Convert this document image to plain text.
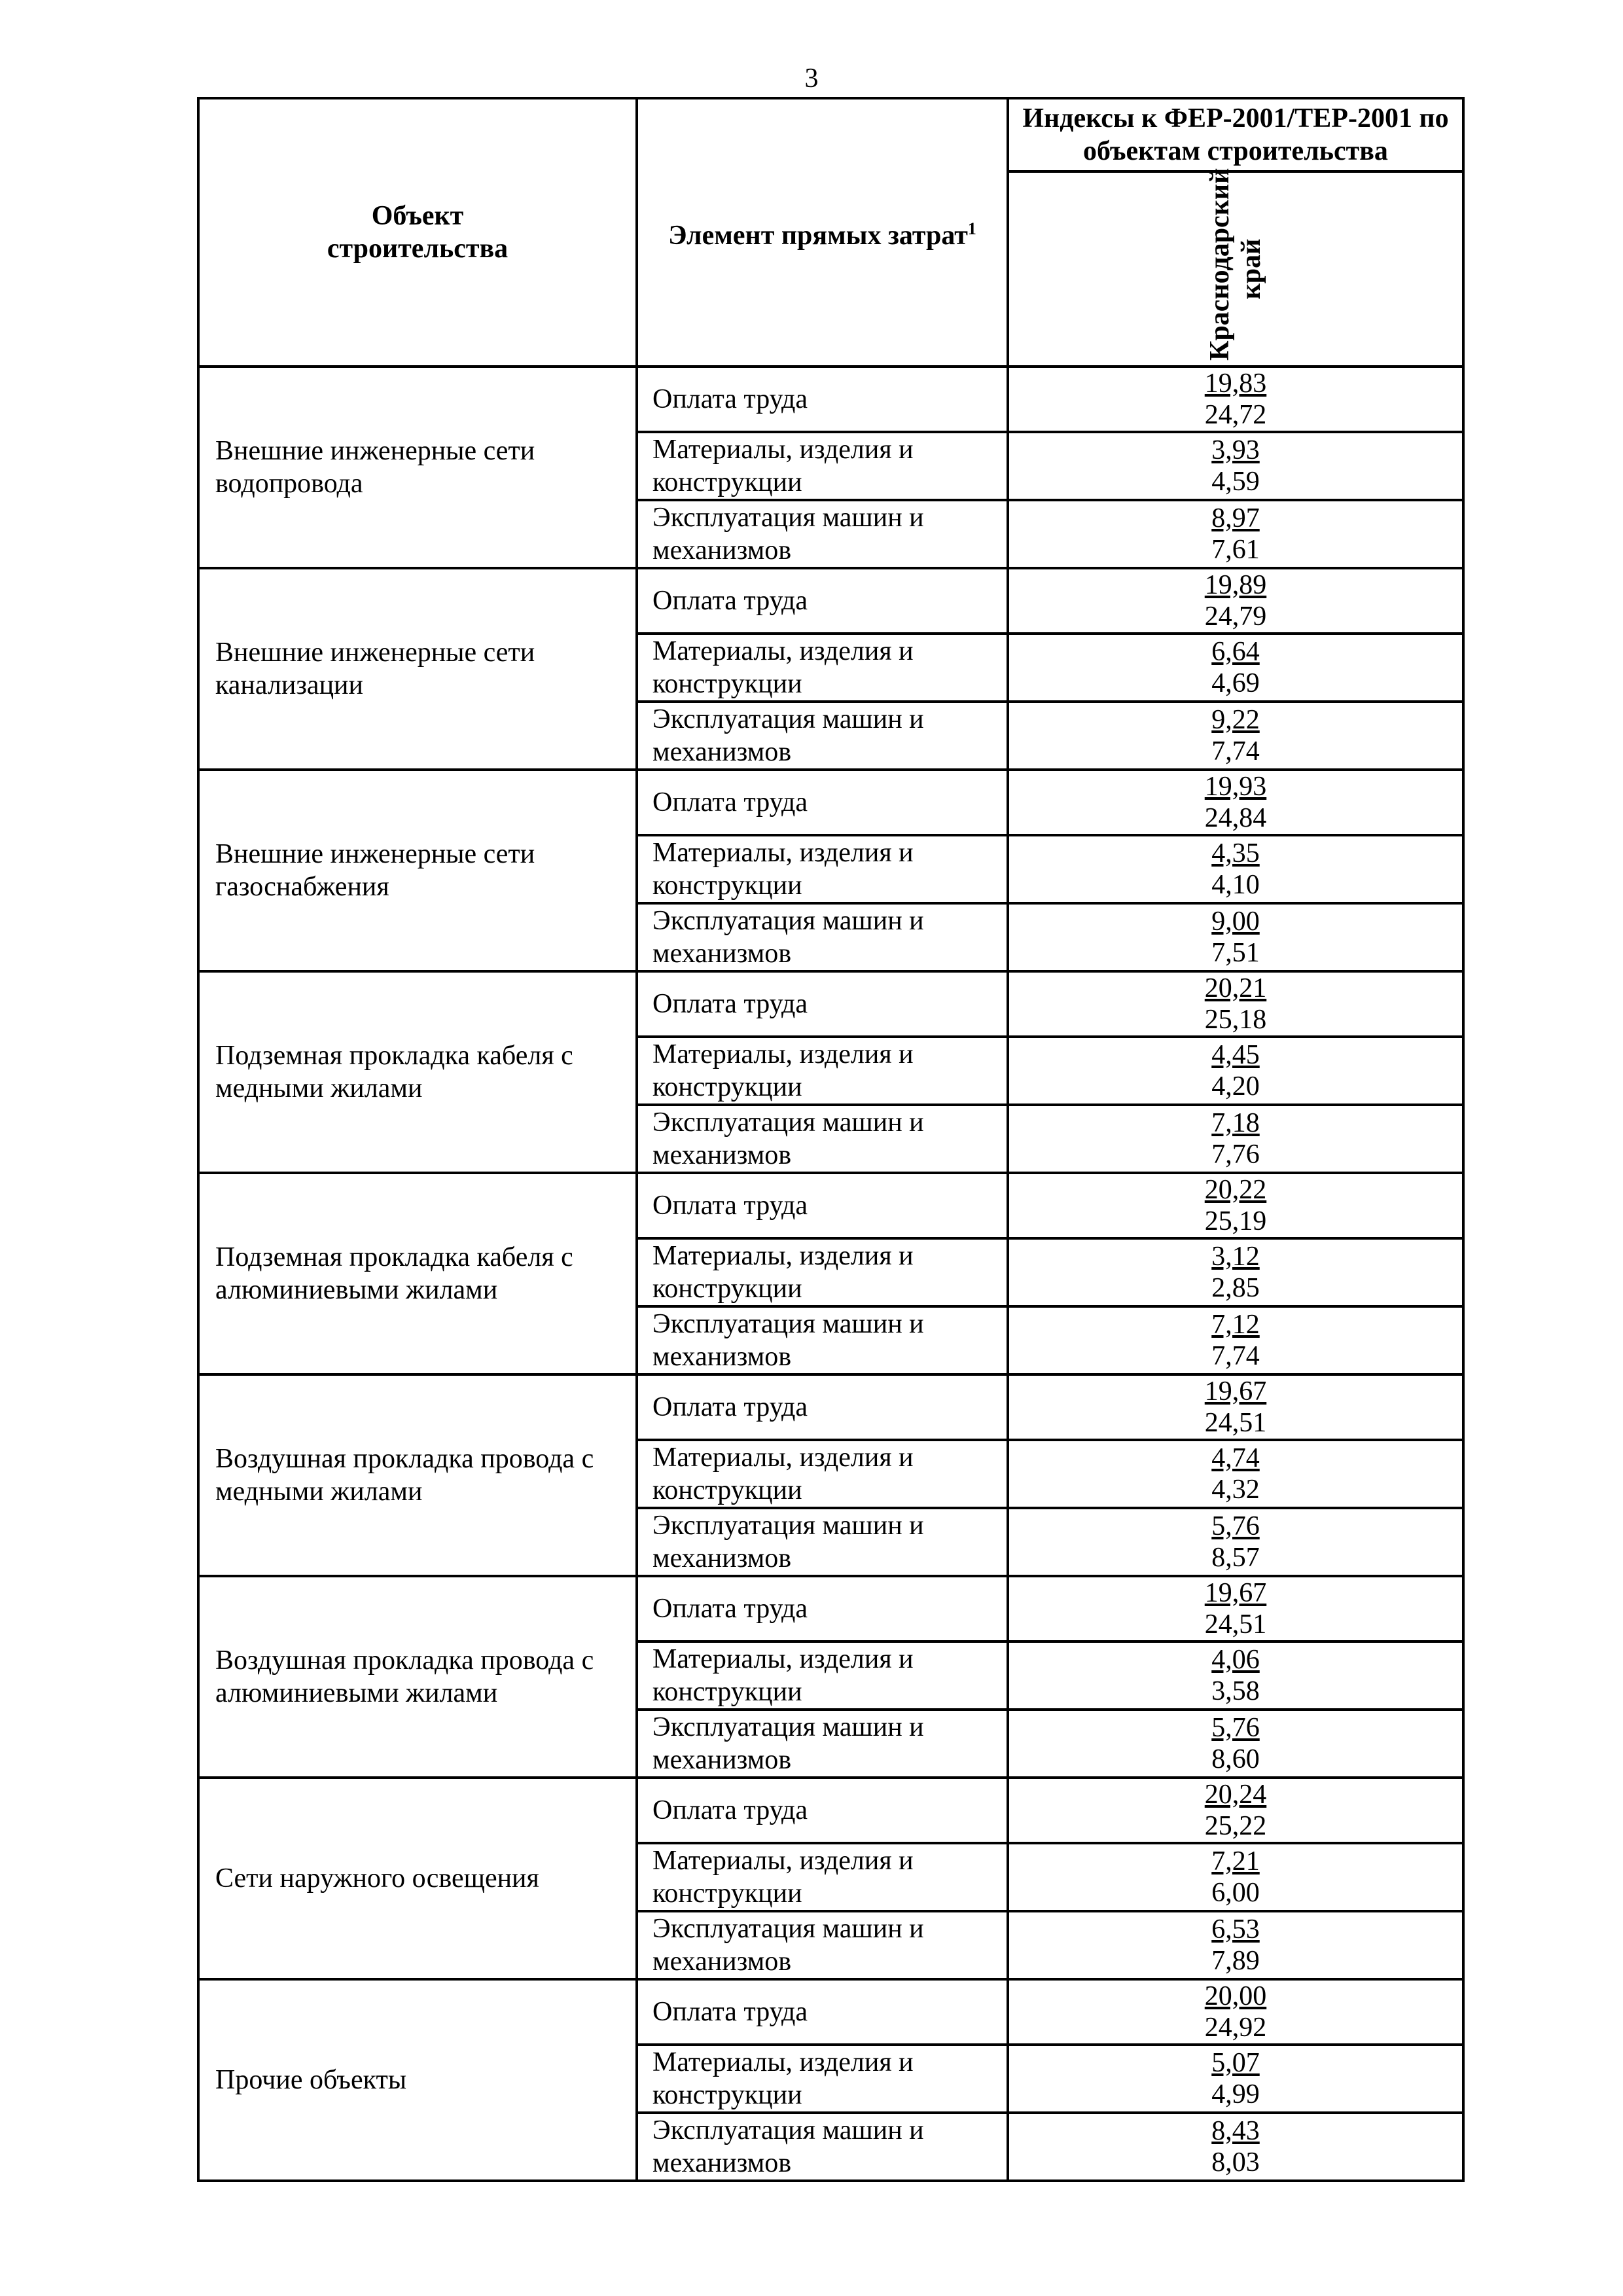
3
Объект строительства	Элемент прямых затрат$^1$	Индексы к ФЕР-2001/ТЕР-2001 по объектам строительства

		Краснодарский край

Внешние инженерные сети водопровода	Оплата труда	19,83
24,72

	Материалы, изделия и конструкции	3,93
4,59

	Эксплуатация машин и механизмов	8,97
7,61

Внешние инженерные сети канализации	Оплата труда	19,89
24,79

	Материалы, изделия и конструкции	6,64
4,69

	Эксплуатация машин и механизмов	9,22
7,74

Внешние инженерные сети газоснабжения	Оплата труда	19,93
24,84

	Материалы, изделия и конструкции	4,35
4,10

	Эксплуатация машин и механизмов	9,00
7,51

Подземная прокладка кабеля с медными жилами	Оплата труда	20,21
25,18

	Материалы, изделия и конструкции	4,45
4,20

	Эксплуатация машин и механизмов	7,18
7,76

Подземная прокладка кабеля с алюминиевыми жилами	Оплата труда	20,22
25,19

	Материалы, изделия и конструкции	3,12
2,85

	Эксплуатация машин и механизмов	7,12
7,74

Воздушная прокладка провода с медными жилами	Оплата труда	19,67
24,51

	Материалы, изделия и конструкции	4,74
4,32

	Эксплуатация машин и механизмов	5,76
8,57

Воздушная прокладка провода с алюминиевыми жилами	Оплата труда	19,67
24,51

	Материалы, изделия и конструкции	4,06
3,58

	Эксплуатация машин и механизмов	5,76
8,60

Сети наружного освещения	Оплата труда	20,24
25,22

	Материалы, изделия и конструкции	7,21
6,00

	Эксплуатация машин и механизмов	6,53
7,89

Прочие объекты	Оплата труда	20,00
24,92

	Материалы, изделия и конструкции	5,07
4,99

	Эксплуатация машин и механизмов	8,43
8,03
